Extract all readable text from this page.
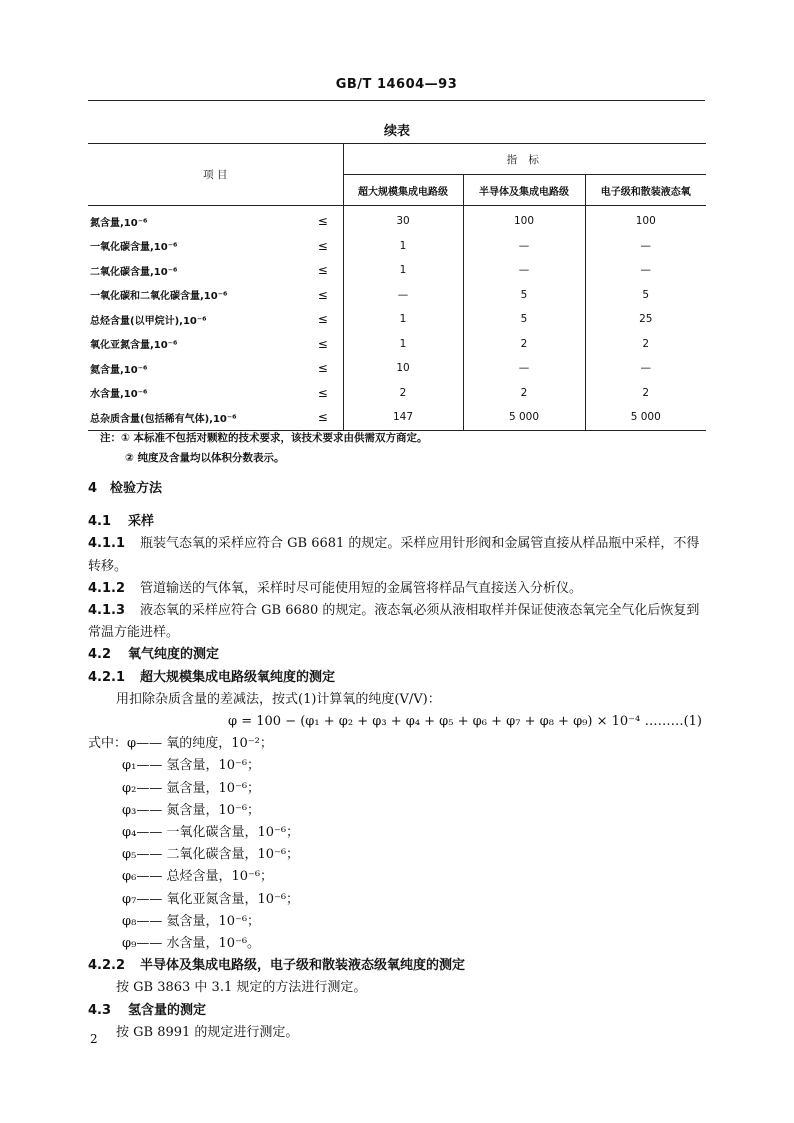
GB/T 14604—93
续表
项 目		指 标		
		超大规模集成电路级	半导体及集成电路级	电子级和散装液态氧
氮含量,10⁻⁶	≤	30	100	100
一氧化碳含量,10⁻⁶	≤	1	—	—
二氧化碳含量,10⁻⁶	≤	1	—	—
一氧化碳和二氧化碳含量,10⁻⁶	≤	—	5	5
总烃含量(以甲烷计),10⁻⁶	≤	1	5	25
氧化亚氮含量,10⁻⁶	≤	1	2	2
氦含量,10⁻⁶	≤	10	—	—
水含量,10⁻⁶	≤	2	2	2
总杂质含量(包括稀有气体),10⁻⁶	≤	147	5 000	5 000
注：① 本标准不包括对颗粒的技术要求，该技术要求由供需双方商定。
② 纯度及含量均以体积分数表示。
4 检验方法
4.1 采样
4.1.1 瓶装气态氧的采样应符合 GB 6681 的规定。采样应用针形阀和金属管直接从样品瓶中采样，不得转移。
4.1.2 管道输送的气体氧，采样时尽可能使用短的金属管将样品气直接送入分析仪。
4.1.3 液态氧的采样应符合 GB 6680 的规定。液态氧必须从液相取样并保证使液态氧完全气化后恢复到常温方能进样。
4.2 氧气纯度的测定
4.2.1 超大规模集成电路级氧纯度的测定
用扣除杂质含量的差减法，按式(1)计算氧的纯度(V/V)：
φ = 100 − (φ₁ + φ₂ + φ₃ + φ₄ + φ₅ + φ₆ + φ₇ + φ₈ + φ₉) × 10⁻⁴ ………(1)
式中：φ—— 氧的纯度，10⁻²；
φ₁—— 氢含量，10⁻⁶；
φ₂—— 氩含量，10⁻⁶；
φ₃—— 氮含量，10⁻⁶；
φ₄—— 一氧化碳含量，10⁻⁶；
φ₅—— 二氧化碳含量，10⁻⁶；
φ₆—— 总烃含量，10⁻⁶；
φ₇—— 氧化亚氮含量，10⁻⁶；
φ₈—— 氦含量，10⁻⁶；
φ₉—— 水含量，10⁻⁶。
4.2.2 半导体及集成电路级，电子级和散装液态级氧纯度的测定
按 GB 3863 中 3.1 规定的方法进行测定。
4.3 氢含量的测定
按 GB 8991 的规定进行测定。
2
